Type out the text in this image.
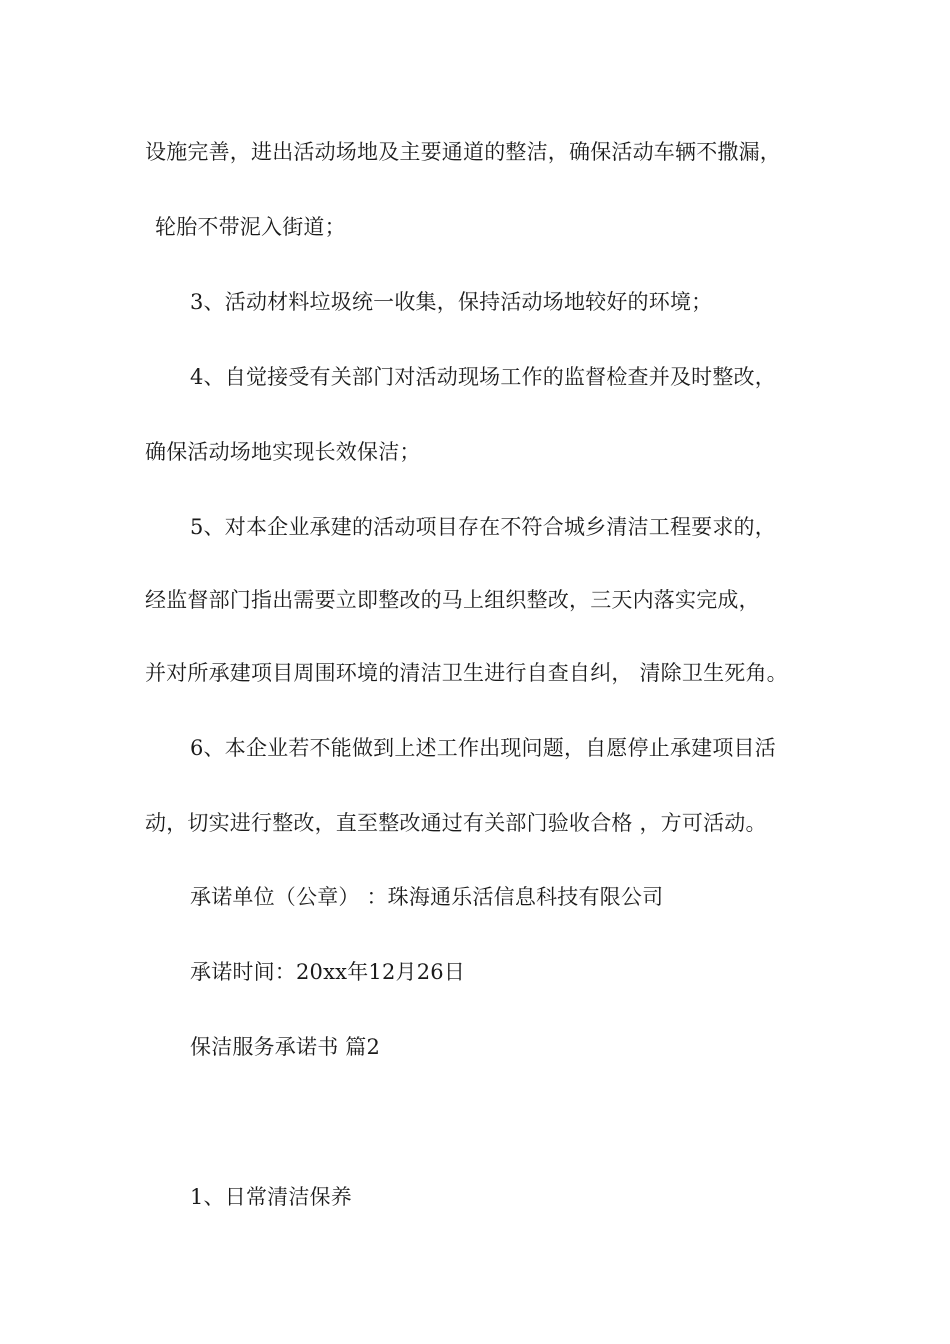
设施完善，进出活动场地及主要通道的整洁，确保活动车辆不撒漏，
轮胎不带泥入街道；
3、活动材料垃圾统一收集，保持活动场地较好的环境；
4、自觉接受有关部门对活动现场工作的监督检查并及时整改，
确保活动场地实现长效保洁；
5、对本企业承建的活动项目存在不符合城乡清洁工程要求的，
经监督部门指出需要立即整改的马上组织整改，三天内落实完成，
并对所承建项目周围环境的清洁卫生进行自查自纠， 清除卫生死角。
6、本企业若不能做到上述工作出现问题，自愿停止承建项目活
动，切实进行整改，直至整改通过有关部门验收合格 ，方可活动。
承诺单位（公章） ：珠海通乐活信息科技有限公司
承诺时间：20xx年12月26日
保洁服务承诺书 篇2
1、日常清洁保养
